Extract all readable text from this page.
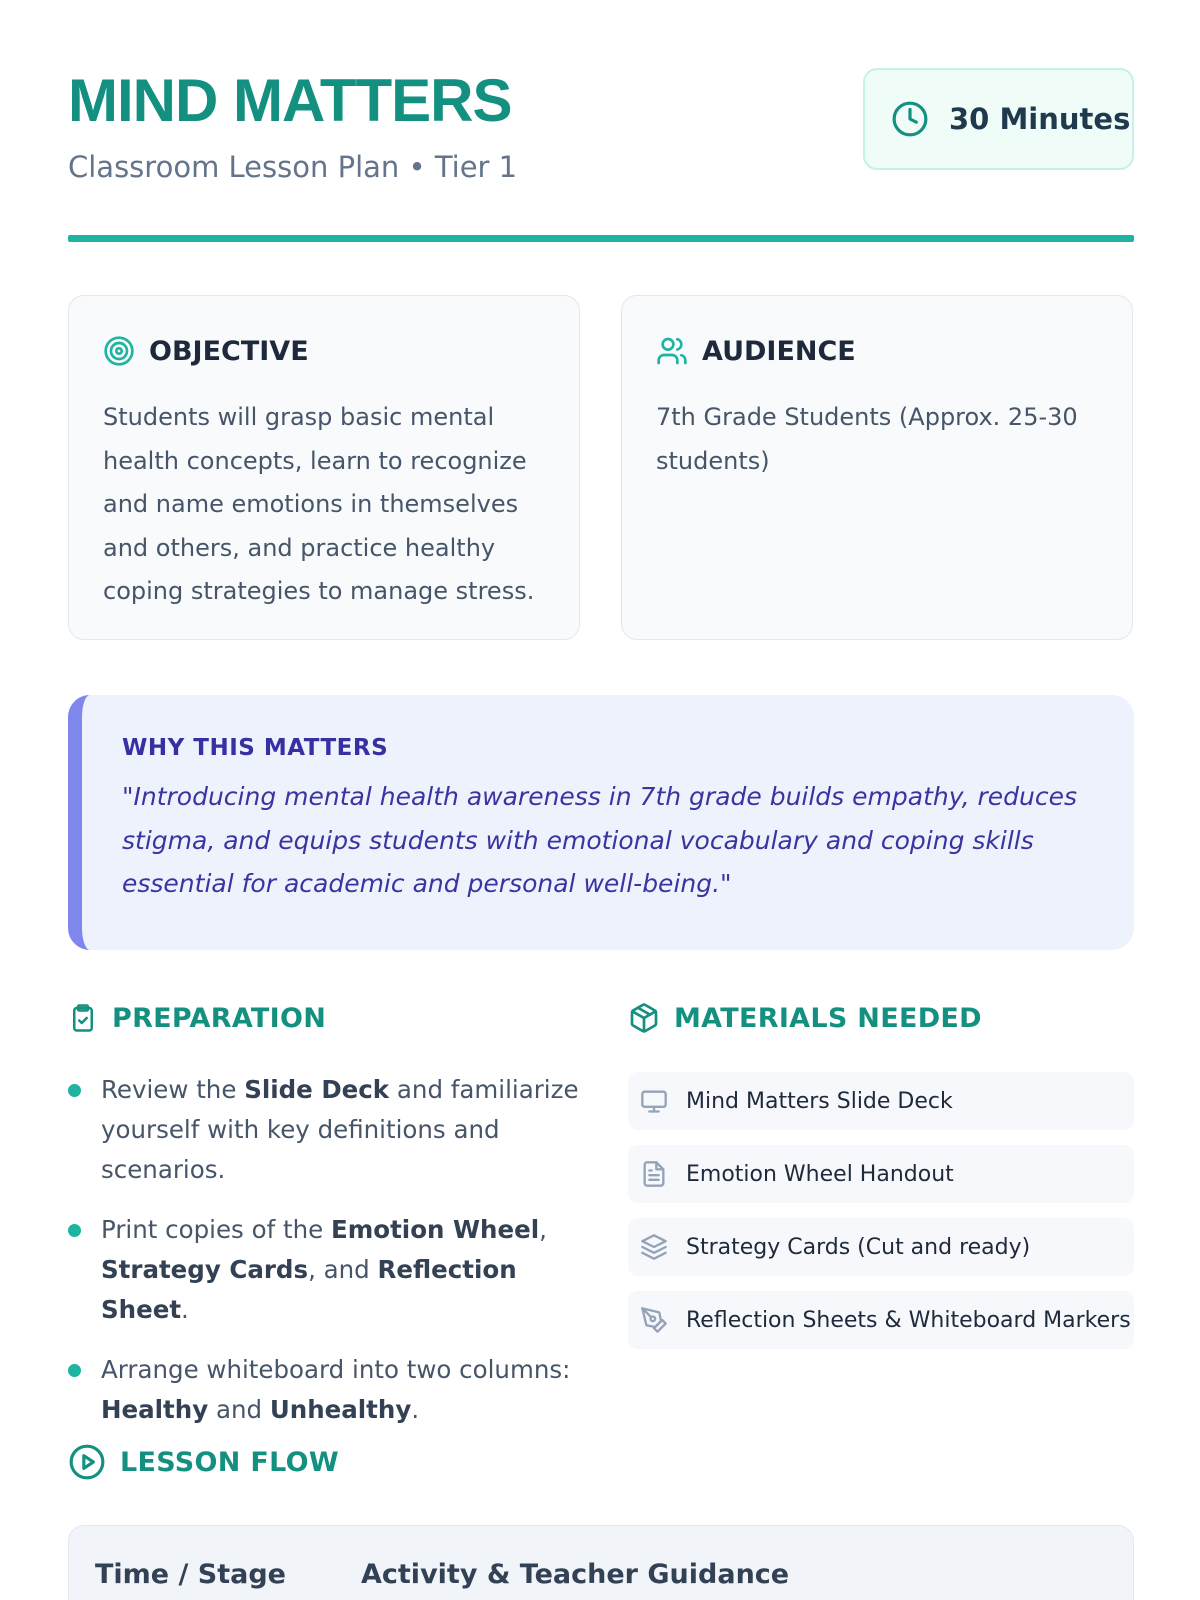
MIND MATTERS
Classroom Lesson Plan • Tier 1
30 Minutes
OBJECTIVE

Students will grasp basic mental health concepts, learn to recognize and name emotions in themselves and others, and practice healthy coping strategies to manage stress.

AUDIENCE

7th Grade Students (Approx. 25-30 students)

WHY THIS MATTERS

"Introducing mental health awareness in 7th grade builds empathy, reduces stigma, and equips students with emotional vocabulary and coping skills essential for academic and personal well-being."

PREPARATION
Review the Slide Deck and familiarize yourself with key definitions and scenarios.
Print copies of the Emotion Wheel, Strategy Cards, and Reflection Sheet.
Arrange whiteboard into two columns: Healthy and Unhealthy.
MATERIALS NEEDED
Mind Matters Slide Deck
Emotion Wheel Handout
Strategy Cards (Cut and ready)
Reflection Sheets & Whiteboard Markers
LESSON FLOW
Time / Stage	Activity & Teacher Guidance
